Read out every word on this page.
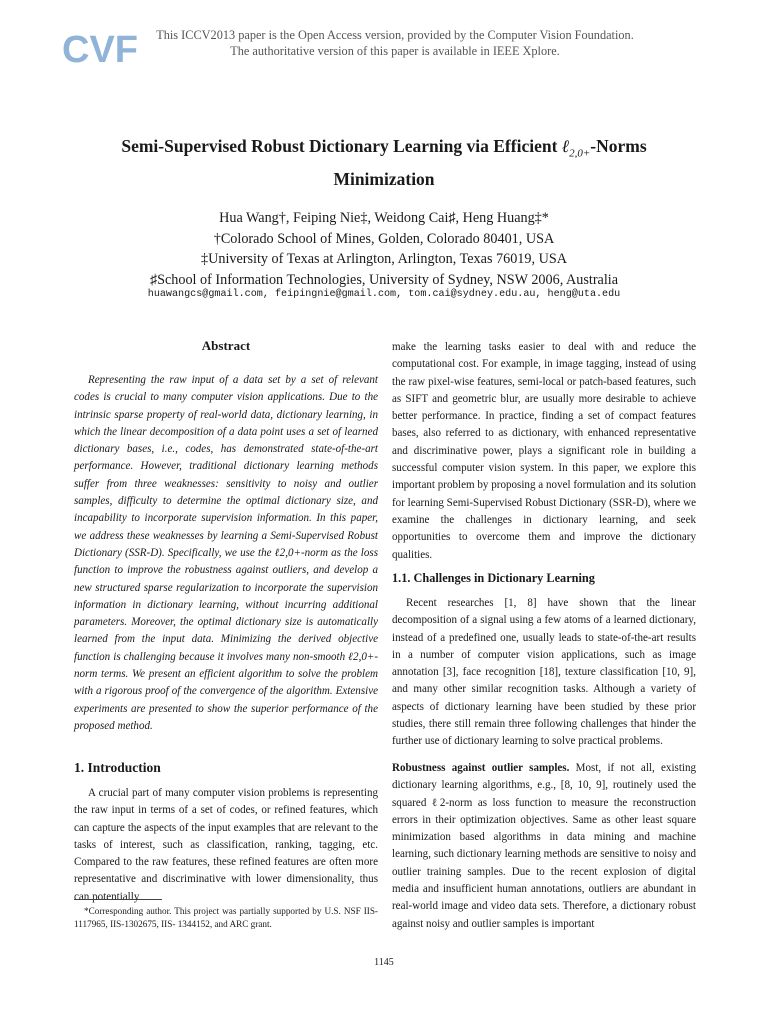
CVF	This ICCV2013 paper is the Open Access version, provided by the Computer Vision Foundation.
The authoritative version of this paper is available in IEEE Xplore.
Semi-Supervised Robust Dictionary Learning via Efficient ℓ$_{2,0+}$-Norms
Minimization
Hua Wang†, Feiping Nie‡, Weidong Cai♯, Heng Huang‡*
†Colorado School of Mines, Golden, Colorado 80401, USA
‡University of Texas at Arlington, Arlington, Texas 76019, USA
♯School of Information Technologies, University of Sydney, NSW 2006, Australia
huawangcs@gmail.com, feipingnie@gmail.com, tom.cai@sydney.edu.au, heng@uta.edu
Abstract
Representing the raw input of a data set by a set of relevant codes is crucial to many computer vision applications. Due to the intrinsic sparse property of real-world data, dictionary learning, in which the linear decomposition of a data point uses a set of learned dictionary bases, i.e., codes, has demonstrated state-of-the-art performance. However, traditional dictionary learning methods suffer from three weaknesses: sensitivity to noisy and outlier samples, difficulty to determine the optimal dictionary size, and incapability to incorporate supervision information. In this paper, we address these weaknesses by learning a Semi-Supervised Robust Dictionary (SSR-D). Specifically, we use the ℓ2,0+-norm as the loss function to improve the robustness against outliers, and develop a new structured sparse regularization to incorporate the supervision information in dictionary learning, without incurring additional parameters. Moreover, the optimal dictionary size is automatically learned from the input data. Minimizing the derived objective function is challenging because it involves many non-smooth ℓ2,0+-norm terms. We present an efficient algorithm to solve the problem with a rigorous proof of the convergence of the algorithm. Extensive experiments are presented to show the superior performance of the proposed method.
1. Introduction
A crucial part of many computer vision problems is representing the raw input in terms of a set of codes, or refined features, which can capture the aspects of the input examples that are relevant to the tasks of interest, such as classification, ranking, tagging, etc. Compared to the raw features, these refined features are often more representative and discriminative with lower dimensionality, thus can potentially
*Corresponding author. This project was partially supported by U.S. NSF IIS-1117965, IIS-1302675, IIS- 1344152, and ARC grant.
make the learning tasks easier to deal with and reduce the computational cost. For example, in image tagging, instead of using the raw pixel-wise features, semi-local or patch-based features, such as SIFT and geometric blur, are usually more desirable to achieve better performance. In practice, finding a set of compact features bases, also referred to as dictionary, with enhanced representative and discriminative power, plays a significant role in building a successful computer vision system. In this paper, we explore this important problem by proposing a novel formulation and its solution for learning Semi-Supervised Robust Dictionary (SSR-D), where we examine the challenges in dictionary learning, and seek opportunities to overcome them and improve the dictionary qualities.
1.1. Challenges in Dictionary Learning
Recent researches [1, 8] have shown that the linear decomposition of a signal using a few atoms of a learned dictionary, instead of a predefined one, usually leads to state-of-the-art results in a number of computer vision applications, such as image annotation [3], face recognition [18], texture classification [10, 9], and many other similar recognition tasks. Although a variety of aspects of dictionary learning have been studied by these prior studies, there still remain three following challenges that hinder the further use of dictionary learning to solve practical problems.
Robustness against outlier samples. Most, if not all, existing dictionary learning algorithms, e.g., [8, 10, 9], routinely used the squared ℓ2-norm as loss function to measure the reconstruction errors in their optimization objectives. Same as other least square minimization based algorithms in data mining and machine learning, such dictionary learning methods are sensitive to noisy and outlier training samples. Due to the recent explosion of digital media and insufficient human annotations, outliers are abundant in real-world image and video data sets. Therefore, a dictionary robust against noisy and outlier samples is important
1145
